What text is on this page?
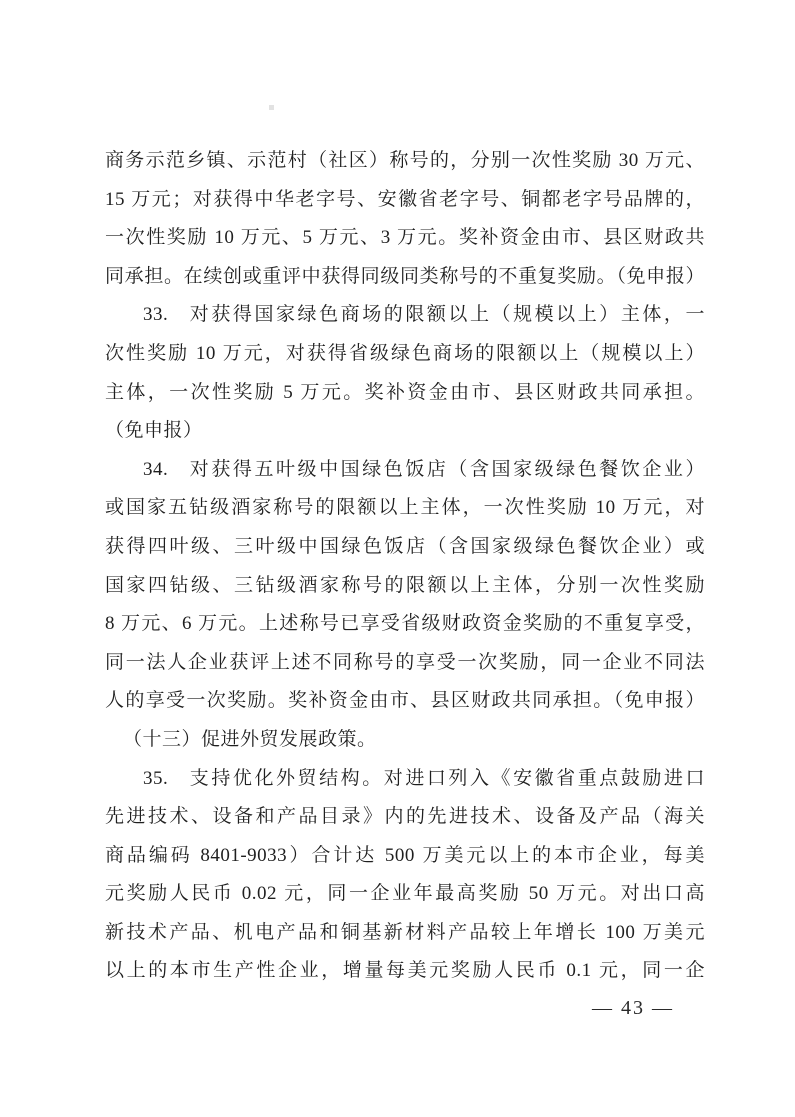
商务示范乡镇、示范村（社区）称号的，分别一次性奖励 30 万元、

15 万元；对获得中华老字号、安徽省老字号、铜都老字号品牌的，

一次性奖励 10 万元、5 万元、3 万元。奖补资金由市、县区财政共

同承担。在续创或重评中获得同级同类称号的不重复奖励。（免申报）

33. 对获得国家绿色商场的限额以上（规模以上）主体，一

次性奖励 10 万元，对获得省级绿色商场的限额以上（规模以上）

主体，一次性奖励 5 万元。奖补资金由市、县区财政共同承担。

（免申报）

34. 对获得五叶级中国绿色饭店（含国家级绿色餐饮企业）

或国家五钻级酒家称号的限额以上主体，一次性奖励 10 万元，对

获得四叶级、三叶级中国绿色饭店（含国家级绿色餐饮企业）或

国家四钻级、三钻级酒家称号的限额以上主体，分别一次性奖励

8 万元、6 万元。上述称号已享受省级财政资金奖励的不重复享受，

同一法人企业获评上述不同称号的享受一次奖励，同一企业不同法

人的享受一次奖励。奖补资金由市、县区财政共同承担。（免申报）

（十三）促进外贸发展政策。

35. 支持优化外贸结构。对进口列入《安徽省重点鼓励进口

先进技术、设备和产品目录》内的先进技术、设备及产品（海关

商品编码 8401-9033）合计达 500 万美元以上的本市企业，每美

元奖励人民币 0.02 元，同一企业年最高奖励 50 万元。对出口高

新技术产品、机电产品和铜基新材料产品较上年增长 100 万美元

以上的本市生产性企业，增量每美元奖励人民币 0.1 元，同一企

— 43 —
